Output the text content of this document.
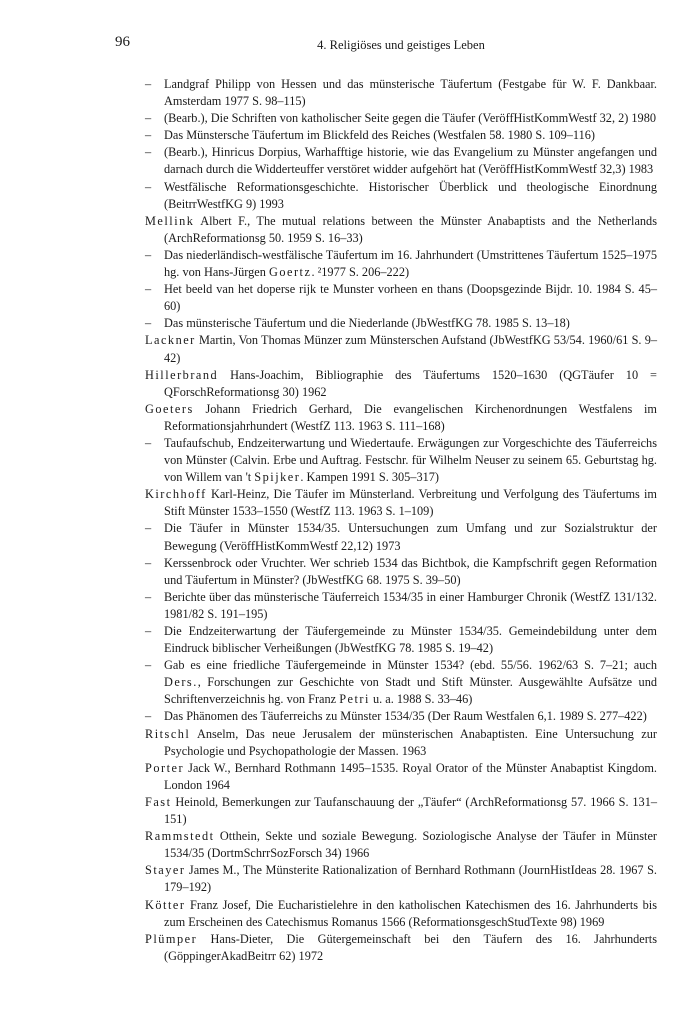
96	4. Religiöses und geistiges Leben

– Landgraf Philipp von Hessen und das münsterische Täufertum (Festgabe für W. F. Dankbaar. Amsterdam 1977 S. 98–115)

– (Bearb.), Die Schriften von katholischer Seite gegen die Täufer (VeröffHistKommWestf 32, 2) 1980

– Das Münstersche Täufertum im Blickfeld des Reiches (Westfalen 58. 1980 S. 109–116)

– (Bearb.), Hinricus Dorpius, Warhafftige historie, wie das Evangelium zu Münster angefangen und darnach durch die Widderteuffer verstöret widder aufgehört hat (VeröffHistKommWestf 32,3) 1983

– Westfälische Reformationsgeschichte. Historischer Überblick und theologische Einordnung (BeitrrWestfKG 9) 1993

Mellink Albert F., The mutual relations between the Münster Anabaptists and the Netherlands (ArchReformationsg 50. 1959 S. 16–33)

– Das niederländisch-westfälische Täufertum im 16. Jahrhundert (Umstrittenes Täufertum 1525–1975 hg. von Hans-Jürgen Goertz. ²1977 S. 206–222)

– Het beeld van het doperse rijk te Munster vorheen en thans (Doopsgezinde Bijdr. 10. 1984 S. 45–60)

– Das münsterische Täufertum und die Niederlande (JbWestfKG 78. 1985 S. 13–18)

Lackner Martin, Von Thomas Münzer zum Münsterschen Aufstand (JbWestfKG 53/54. 1960/61 S. 9–42)

Hillerbrand Hans-Joachim, Bibliographie des Täufertums 1520–1630 (QGTäufer 10 = QForschReformationsg 30) 1962

Goeters Johann Friedrich Gerhard, Die evangelischen Kirchenordnungen Westfalens im Reformationsjahrhundert (WestfZ 113. 1963 S. 111–168)

– Taufaufschub, Endzeiterwartung und Wiedertaufe. Erwägungen zur Vorgeschichte des Täuferreichs von Münster (Calvin. Erbe und Auftrag. Festschr. für Wilhelm Neuser zu seinem 65. Geburtstag hg. von Willem van 't Spijker. Kampen 1991 S. 305–317)

Kirchhoff Karl-Heinz, Die Täufer im Münsterland. Verbreitung und Verfolgung des Täufertums im Stift Münster 1533–1550 (WestfZ 113. 1963 S. 1–109)

– Die Täufer in Münster 1534/35. Untersuchungen zum Umfang und zur Sozialstruktur der Bewegung (VeröffHistKommWestf 22,12) 1973

– Kerssenbrock oder Vruchter. Wer schrieb 1534 das Bichtbok, die Kampfschrift gegen Reformation und Täufertum in Münster? (JbWestfKG 68. 1975 S. 39–50)

– Berichte über das münsterische Täuferreich 1534/35 in einer Hamburger Chronik (WestfZ 131/132. 1981/82 S. 191–195)

– Die Endzeiterwartung der Täufergemeinde zu Münster 1534/35. Gemeindebildung unter dem Eindruck biblischer Verheißungen (JbWestfKG 78. 1985 S. 19–42)

– Gab es eine friedliche Täufergemeinde in Münster 1534? (ebd. 55/56. 1962/63 S. 7–21; auch Ders., Forschungen zur Geschichte von Stadt und Stift Münster. Ausgewählte Aufsätze und Schriftenverzeichnis hg. von Franz Petri u. a. 1988 S. 33–46)

– Das Phänomen des Täuferreichs zu Münster 1534/35 (Der Raum Westfalen 6,1. 1989 S. 277–422)

Ritschl Anselm, Das neue Jerusalem der münsterischen Anabaptisten. Eine Untersuchung zur Psychologie und Psychopathologie der Massen. 1963

Porter Jack W., Bernhard Rothmann 1495–1535. Royal Orator of the Münster Anabaptist Kingdom. London 1964

Fast Heinold, Bemerkungen zur Taufanschauung der „Täufer“ (ArchReformationsg 57. 1966 S. 131–151)

Rammstedt Otthein, Sekte und soziale Bewegung. Soziologische Analyse der Täufer in Münster 1534/35 (DortmSchrrSozForsch 34) 1966

Stayer James M., The Münsterite Rationalization of Bernhard Rothmann (JournHistIdeas 28. 1967 S. 179–192)

Kötter Franz Josef, Die Eucharistielehre in den katholischen Katechismen des 16. Jahrhunderts bis zum Erscheinen des Catechismus Romanus 1566 (ReformationsgeschStudTexte 98) 1969

Plümper Hans-Dieter, Die Gütergemeinschaft bei den Täufern des 16. Jahrhunderts (GöppingerAkadBeitrr 62) 1972
